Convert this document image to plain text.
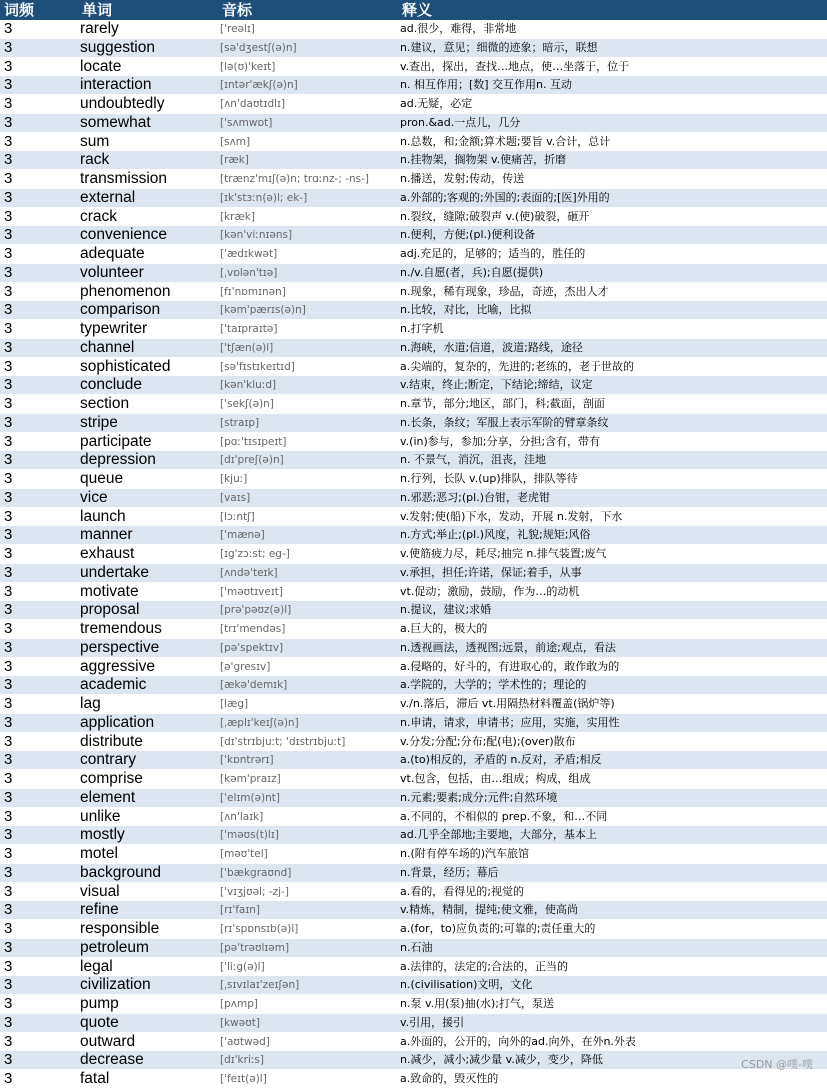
词频	单词	音标	释义
3	rarely	['reəlɪ]	ad.很少，难得，非常地
3	suggestion	[sə'dʒestʃ(ə)n]	n.建议，意见；细微的迹象；暗示，联想
3	locate	[lə(ʊ)'keɪt]	v.查出，探出，查找…地点，使…坐落于，位于
3	interaction	[ɪntər'ækʃ(ə)n]	n. 相互作用；[数] 交互作用n. 互动
3	undoubtedly	[ʌn'daʊtɪdlɪ]	ad.无疑，必定
3	somewhat	['sʌmwɒt]	pron.&ad.一点儿，几分
3	sum	[sʌm]	n.总数，和;金额;算术题;要旨 v.合计，总计
3	rack	[ræk]	n.挂物架，搁物架 v.使痛苦，折磨
3	transmission	[trænz'mɪʃ(ə)n; trɑːnz-; -ns-]	n.播送，发射;传动，传送
3	external	[ɪk'stɜːn(ə)l; ek-]	a.外部的;客观的;外国的;表面的;[医]外用的
3	crack	[kræk]	n.裂纹，缝隙;破裂声 v.(使)破裂，砸开
3	convenience	[kən'viːnɪəns]	n.便利，方便;(pl.)便利设备
3	adequate	['ædɪkwət]	adj.充足的，足够的；适当的，胜任的
3	volunteer	[ˌvɒlən'tɪə]	n./v.自愿(者，兵);自愿(提供)
3	phenomenon	[fɪ'nɒmɪnən]	n.现象，稀有现象，珍品，奇迹，杰出人才
3	comparison	[kəm'pærɪs(ə)n]	n.比较，对比，比喻，比拟
3	typewriter	['taɪpraɪtə]	n.打字机
3	channel	['tʃæn(ə)l]	n.海峡，水道;信道，波道;路线，途径
3	sophisticated	[sə'fɪstɪkeɪtɪd]	a.尖端的，复杂的，先进的;老练的，老于世故的
3	conclude	[kən'kluːd]	v.结束，终止;断定，下结论;缔结，议定
3	section	['sekʃ(ə)n]	n.章节，部分;地区，部门，科;截面，剖面
3	stripe	[straɪp]	n.长条，条纹；军服上表示军阶的臂章条纹
3	participate	[pɑː'tɪsɪpeɪt]	v.(in)参与，参加;分享，分担;含有，带有
3	depression	[dɪ'preʃ(ə)n]	n. 不景气，消沉，沮丧，洼地
3	queue	[kjuː]	n.行列，长队 v.(up)排队，排队等待
3	vice	[vaɪs]	n.邪恶;恶习;(pl.)台钳，老虎钳
3	launch	[lɔːntʃ]	v.发射;使(船)下水，发动，开展 n.发射，下水
3	manner	['mænə]	n.方式;举止;(pl.)风度，礼貌;规矩;风俗
3	exhaust	[ɪg'zɔːst; eg-]	v.使筋疲力尽，耗尽;抽完 n.排气装置;废气
3	undertake	[ʌndə'teɪk]	v.承担，担任;许诺，保证;着手，从事
3	motivate	['məʊtɪveɪt]	vt.促动；激励，鼓励，作为…的动机
3	proposal	[prə'pəʊz(ə)l]	n.提议，建议;求婚
3	tremendous	[trɪ'mendəs]	a.巨大的，极大的
3	perspective	[pə'spektɪv]	n.透视画法，透视图;远景，前途;观点，看法
3	aggressive	[ə'gresɪv]	a.侵略的，好斗的，有进取心的，敢作敢为的
3	academic	[ækə'demɪk]	a.学院的，大学的；学术性的；理论的
3	lag	[læg]	v./n.落后，滞后 vt.用隔热材料覆盖(锅炉等)
3	application	[ˌæplɪ'keɪʃ(ə)n]	n.申请，请求，申请书；应用，实施，实用性
3	distribute	[dɪ'strɪbjuːt; 'dɪstrɪbjuːt]	v.分发;分配;分布;配(电);(over)散布
3	contrary	['kɒntrərɪ]	a.(to)相反的，矛盾的 n.反对，矛盾;相反
3	comprise	[kəm'praɪz]	vt.包含，包括，由…组成；构成，组成
3	element	['elɪm(ə)nt]	n.元素;要素;成分;元件;自然环境
3	unlike	[ʌn'laɪk]	a.不同的，不相似的 prep.不象，和…不同
3	mostly	['məʊs(t)lɪ]	ad.几乎全部地;主要地，大部分，基本上
3	motel	[məʊ'tel]	n.(附有停车场的)汽车旅馆
3	background	['bækgraʊnd]	n.背景，经历；幕后
3	visual	['vɪʒjʊəl; -zj-]	a.看的，看得见的;视觉的
3	refine	[rɪ'faɪn]	v.精炼，精制，提纯;使文雅，使高尚
3	responsible	[rɪ'spɒnsɪb(ə)l]	a.(for，to)应负责的;可靠的;责任重大的
3	petroleum	[pə'trəʊlɪəm]	n.石油
3	legal	['liːg(ə)l]	a.法律的，法定的;合法的，正当的
3	civilization	[ˌsɪvɪlaɪ'zeɪʃən]	n.(civilisation)文明，文化
3	pump	[pʌmp]	n.泵 v.用(泵)抽(水);打气，泵送
3	quote	[kwəʊt]	v.引用，援引
3	outward	['aʊtwəd]	a.外面的，公开的，向外的ad.向外，在外n.外表
3	decrease	[dɪ'kriːs]	n.减少，减小;减少量 v.减少，变少，降低
3	fatal	['feɪt(ə)l]	a.致命的，毁灭性的
CSDN @噗-噗
